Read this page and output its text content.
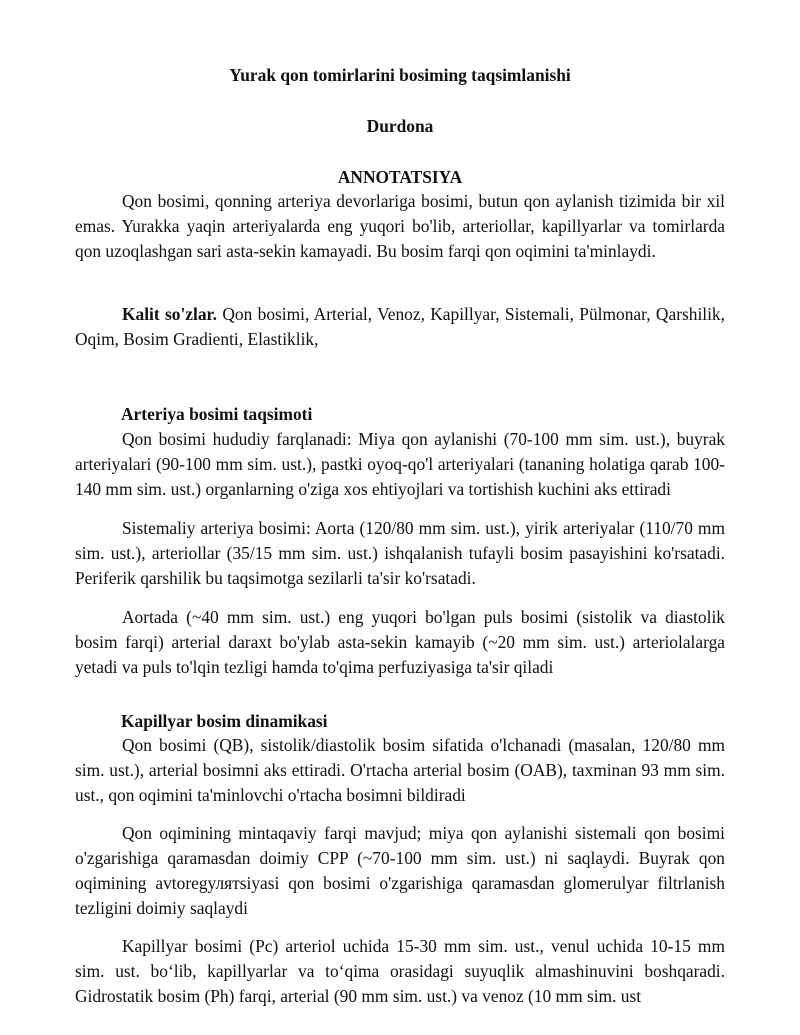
Yurak qon tomirlarini bosiming taqsimlanishi

Durdona

ANNOTATSIYA

Qon bosimi, qonning arteriya devorlariga bosimi, butun qon aylanish tizimida bir xil emas. Yurakka yaqin arteriyalarda eng yuqori bo'lib, arteriollar, kapillyarlar va tomirlarda qon uzoqlashgan sari asta-sekin kamayadi. Bu bosim farqi qon oqimini ta'minlaydi.

Kalit so'zlar. Qon bosimi, Arterial, Venoz, Kapillyar, Sistemali, Pülmonar, Qarshilik, Oqim, Bosim Gradienti, Elastiklik,

Arteriya bosimi taqsimoti

Qon bosimi hududiy farqlanadi: Miya qon aylanishi (70-100 mm sim. ust.), buyrak arteriyalari (90-100 mm sim. ust.), pastki oyoq-qo'l arteriyalari (tananing holatiga qarab 100-140 mm sim. ust.) organlarning o'ziga xos ehtiyojlari va tortishish kuchini aks ettiradi

Sistemaliy arteriya bosimi: Aorta (120/80 mm sim. ust.), yirik arteriyalar (110/70 mm sim. ust.), arteriollar (35/15 mm sim. ust.) ishqalanish tufayli bosim pasayishini ko'rsatadi. Periferik qarshilik bu taqsimotga sezilarli ta'sir ko'rsatadi.

Aortada (~40 mm sim. ust.) eng yuqori bo'lgan puls bosimi (sistolik va diastolik bosim farqi) arterial daraxt bo'ylab asta-sekin kamayib (~20 mm sim. ust.) arteriolalarga yetadi va puls to'lqin tezligi hamda to'qima perfuziyasiga ta'sir qiladi

Kapillyar bosim dinamikasi

Qon bosimi (QB), sistolik/diastolik bosim sifatida o'lchanadi (masalan, 120/80 mm sim. ust.), arterial bosimni aks ettiradi. O'rtacha arterial bosim (OAB), taxminan 93 mm sim. ust., qon oqimini ta'minlovchi o'rtacha bosimni bildiradi

Qon oqimining mintaqaviy farqi mavjud; miya qon aylanishi sistemali qon bosimi o'zgarishiga qaramasdan doimiy CPP (~70-100 mm sim. ust.) ni saqlaydi. Buyrak qon oqimining avtoregулятsiyasi qon bosimi o'zgarishiga qaramasdan glomerulyar filtrlanish tezligini doimiy saqlaydi

Kapillyar bosimi (Pc) arteriol uchida 15-30 mm sim. ust., venul uchida 10-15 mm sim. ust. bo‘lib, kapillyarlar va to‘qima orasidagi suyuqlik almashinuvini boshqaradi. Gidrostatik bosim (Ph) farqi, arterial (90 mm sim. ust.) va venoz (10 mm sim. ust
